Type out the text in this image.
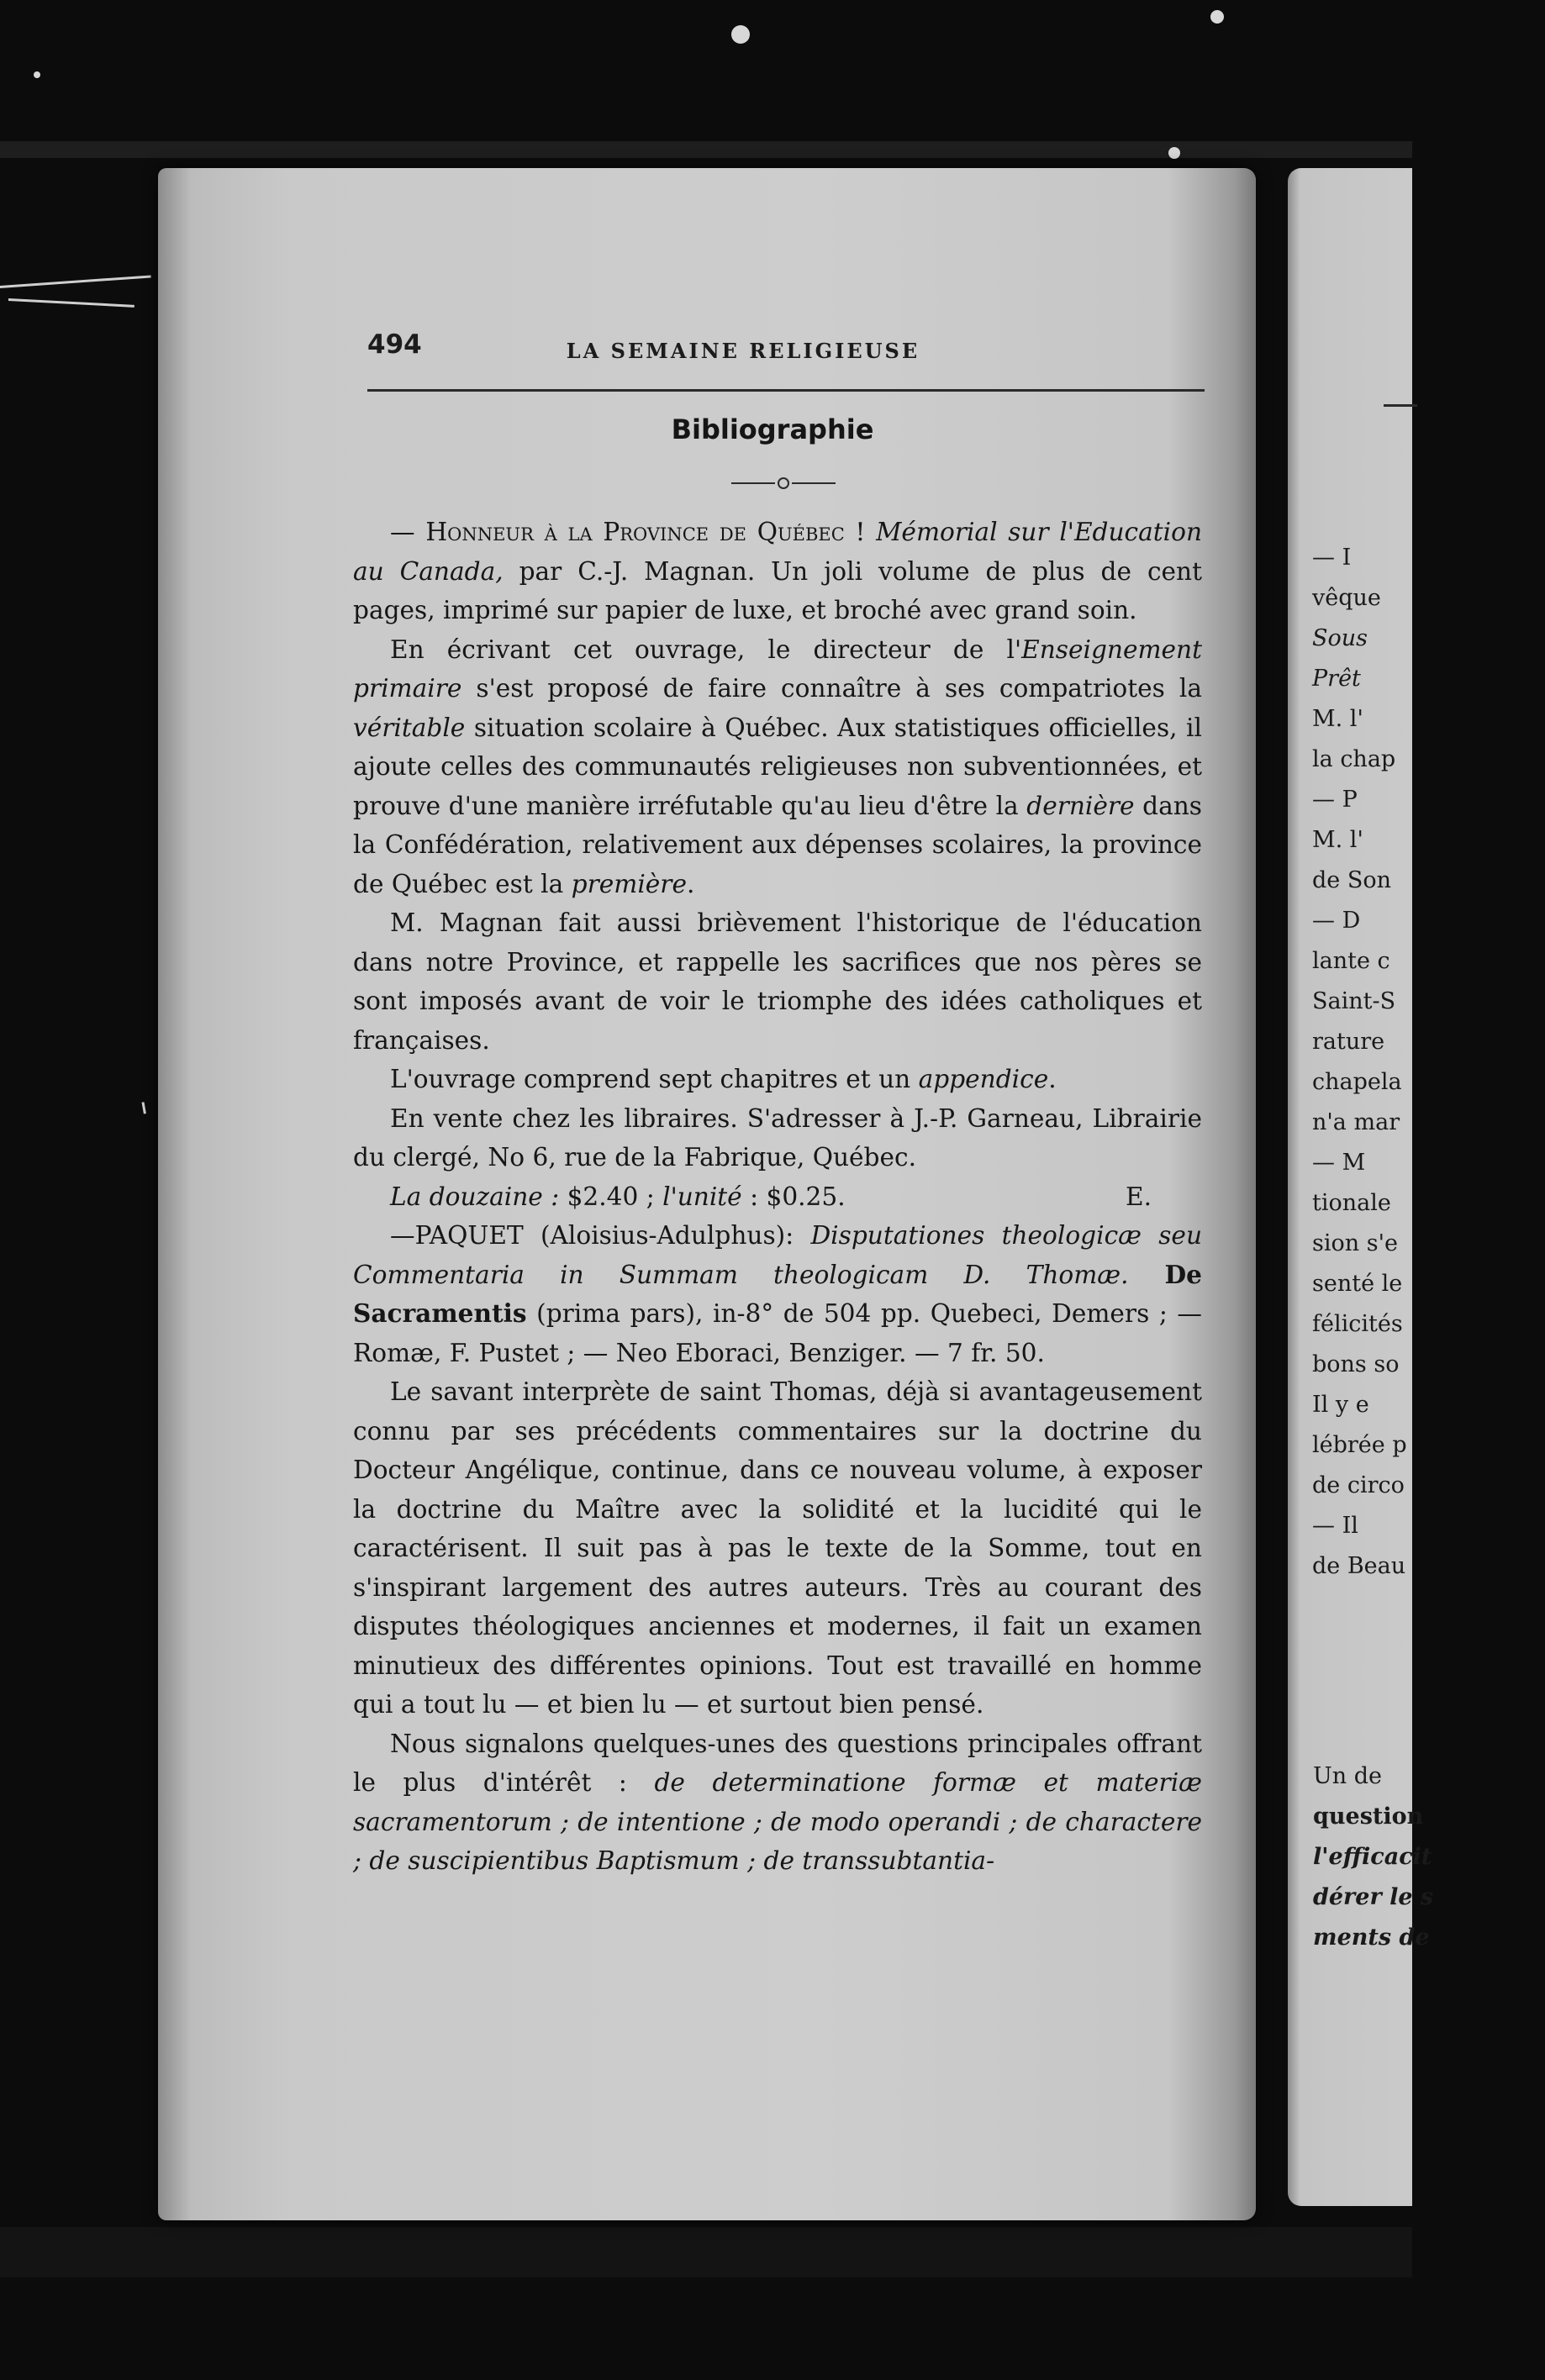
494	LA SEMAINE RELIGIEUSE
Bibliographie

— Honneur à la Province de Québec ! Mémorial sur l'Education au Canada, par C.-J. Magnan. Un joli volume de plus de cent pages, imprimé sur papier de luxe, et broché avec grand soin.

En écrivant cet ouvrage, le directeur de l'Enseignement primaire s'est proposé de faire connaître à ses compatriotes la véritable situation scolaire à Québec. Aux statistiques officielles, il ajoute celles des communautés religieuses non subventionnées, et prouve d'une manière irréfutable qu'au lieu d'être la dernière dans la Confédération, relativement aux dépenses scolaires, la province de Québec est la première.

M. Magnan fait aussi brièvement l'historique de l'éducation dans notre Province, et rappelle les sacrifices que nos pères se sont imposés avant de voir le triomphe des idées catholiques et françaises.

L'ouvrage comprend sept chapitres et un appendice.

En vente chez les libraires. S'adresser à J.-P. Garneau, Librairie du clergé, No 6, rue de la Fabrique, Québec.

La douzaine : $2.40 ; l'unité : $0.25.	E.

—PAQUET (Aloisius-Adulphus): Disputationes theologicæ seu Commentaria in Summam theologicam D. Thomæ. De Sacramentis (prima pars), in-8° de 504 pp. Quebeci, Demers ; — Romæ, F. Pustet ; — Neo Eboraci, Benziger. — 7 fr. 50.

Le savant interprète de saint Thomas, déjà si avantageusement connu par ses précédents commentaires sur la doctrine du Docteur Angélique, continue, dans ce nouveau volume, à exposer la doctrine du Maître avec la solidité et la lucidité qui le caractérisent. Il suit pas à pas le texte de la Somme, tout en s'inspirant largement des autres auteurs. Très au courant des disputes théologiques anciennes et modernes, il fait un examen minutieux des différentes opinions. Tout est travaillé en homme qui a tout lu — et bien lu — et surtout bien pensé.

Nous signalons quelques-unes des questions principales offrant le plus d'intérêt : de determinatione formæ et materiæ sacramentorum ; de intentione ; de modo operandi ; de charactere ; de suscipientibus Baptismum ; de transsubtantia-

— I
vêque
Sous
Prêt
M. l'
la chap
— P
M. l'
de Son
— D
lante c
Saint-S
rature
chapela
n'a mar
— M
tionale
sion s'e
senté le
félicités
bons so
Il y e
lébrée p
de circo
— Il
de Beau
Un de
question
l'efficacit
dérer le s
ments de
